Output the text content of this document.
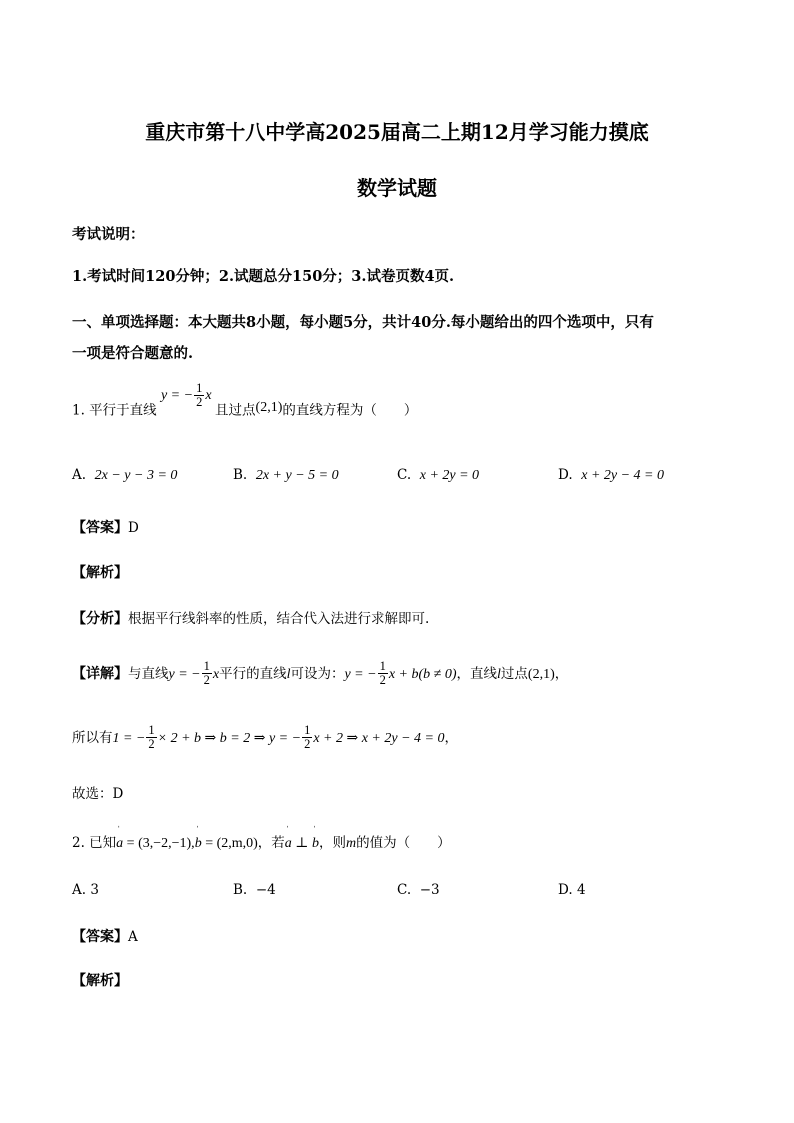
重庆市第十八中学高2025届高二上期12月学习能力摸底
数学试题
考试说明：
1.考试时间120分钟；2.试题总分150分；3.试卷页数4页.
一、单项选择题：本大题共8小题，每小题5分，共计40分.每小题给出的四个选项中，只有
一项是符合题意的.
1. 平行于直线 y = − $\frac{1}{2}$ x 且过点(2,1)的直线方程为（　　）
A. 2x − y − 3 = 0	B. 2x + y − 5 = 0	C. x + 2y = 0	D. x + 2y − 4 = 0
【答案】D
【解析】
【分析】根据平行线斜率的性质，结合代入法进行求解即可.
【详解】与直线y = − $\frac{1}{2}$ x平行的直线l可设为：y = − $\frac{1}{2}$ x + b(b ≠ 0)，直线l过点(2,1)，
所以有1 = − $\frac{1}{2} \times 2 + b$ ⇒ b = 2 ⇒ y = − $\frac{1}{2}$ x + 2 ⇒ x + 2y − 4 = 0，
故选：D
2. 已知ˈ a = (3,−2,−1),ˈ b = (2,m,0)，若ˈ a ⊥ ˈ b，则m的值为（　　）
A. 3	B. −4	C. −3	D. 4
【答案】A
【解析】
